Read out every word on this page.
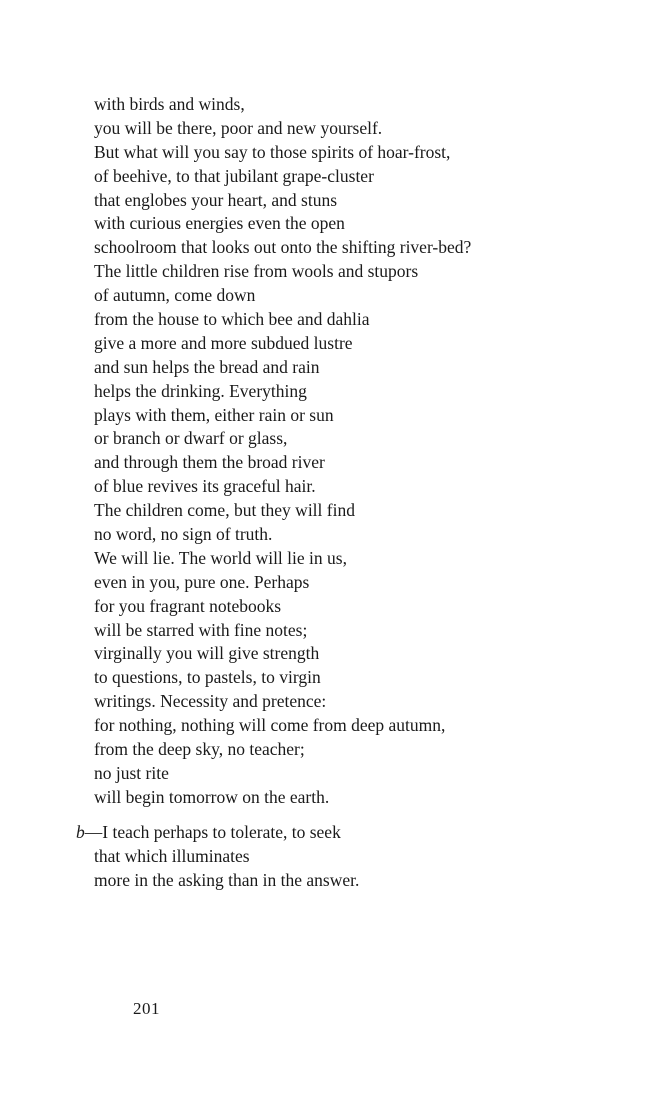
with birds and winds,
you will be there, poor and new yourself.
But what will you say to those spirits of hoar-frost,
of beehive, to that jubilant grape-cluster
that englobes your heart, and stuns
with curious energies even the open
schoolroom that looks out onto the shifting river-bed?
The little children rise from wools and stupors
of autumn, come down
from the house to which bee and dahlia
give a more and more subdued lustre
and sun helps the bread and rain
helps the drinking. Everything
plays with them, either rain or sun
or branch or dwarf or glass,
and through them the broad river
of blue revives its graceful hair.
The children come, but they will find
no word, no sign of truth.
We will lie. The world will lie in us,
even in you, pure one. Perhaps
for you fragrant notebooks
will be starred with fine notes;
virginally you will give strength
to questions, to pastels, to virgin
writings. Necessity and pretence:
for nothing, nothing will come from deep autumn,
from the deep sky, no teacher;
no just rite
will begin tomorrow on the earth.
b—I teach perhaps to tolerate, to seek
that which illuminates
more in the asking than in the answer.
201
